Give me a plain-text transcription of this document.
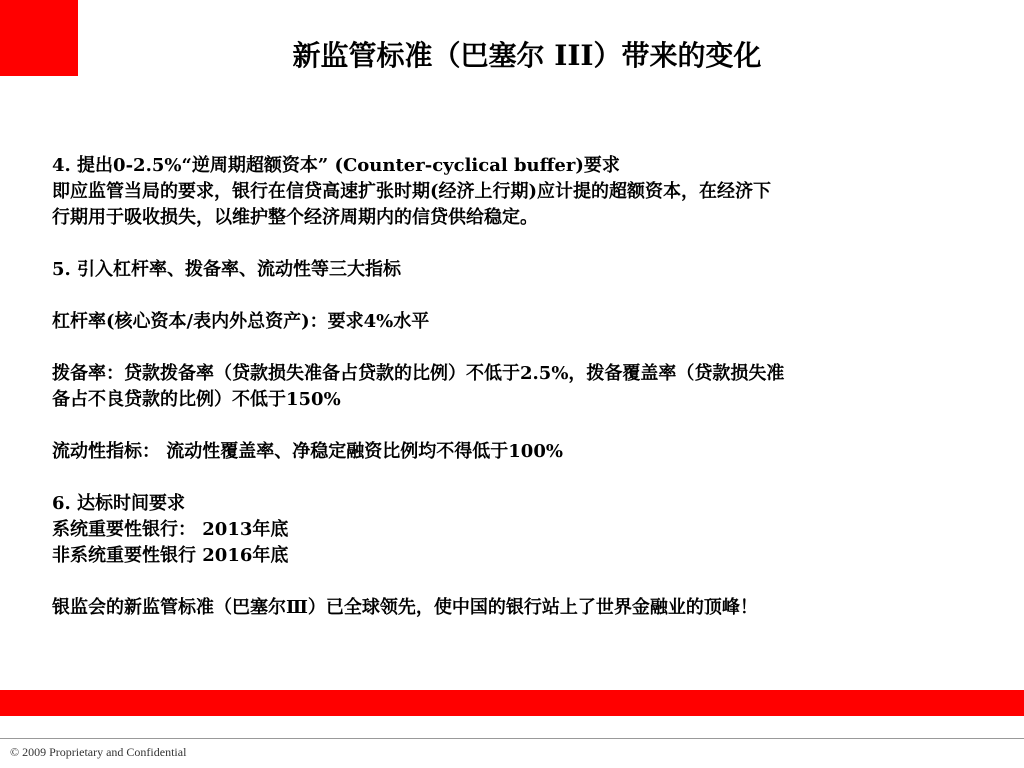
新监管标准（巴塞尔 III）带来的变化
4. 提出0-2.5%“逆周期超额资本” (Counter-cyclical buffer)要求
即应监管当局的要求，银行在信贷高速扩张时期(经济上行期)应计提的超额资本，在经济下
行期用于吸收损失，以维护整个经济周期内的信贷供给稳定。
5. 引入杠杆率、拨备率、流动性等三大指标
杠杆率(核心资本/表内外总资产)：要求4%水平
拨备率：贷款拨备率（贷款损失准备占贷款的比例）不低于2.5%，拨备覆盖率（贷款损失准
备占不良贷款的比例）不低于150%
流动性指标： 流动性覆盖率、净稳定融资比例均不得低于100%
6. 达标时间要求
系统重要性银行： 2013年底
非系统重要性银行 2016年底
银监会的新监管标准（巴塞尔Ⅲ）已全球领先，使中国的银行站上了世界金融业的顶峰！
© 2009 Proprietary and Confidential
